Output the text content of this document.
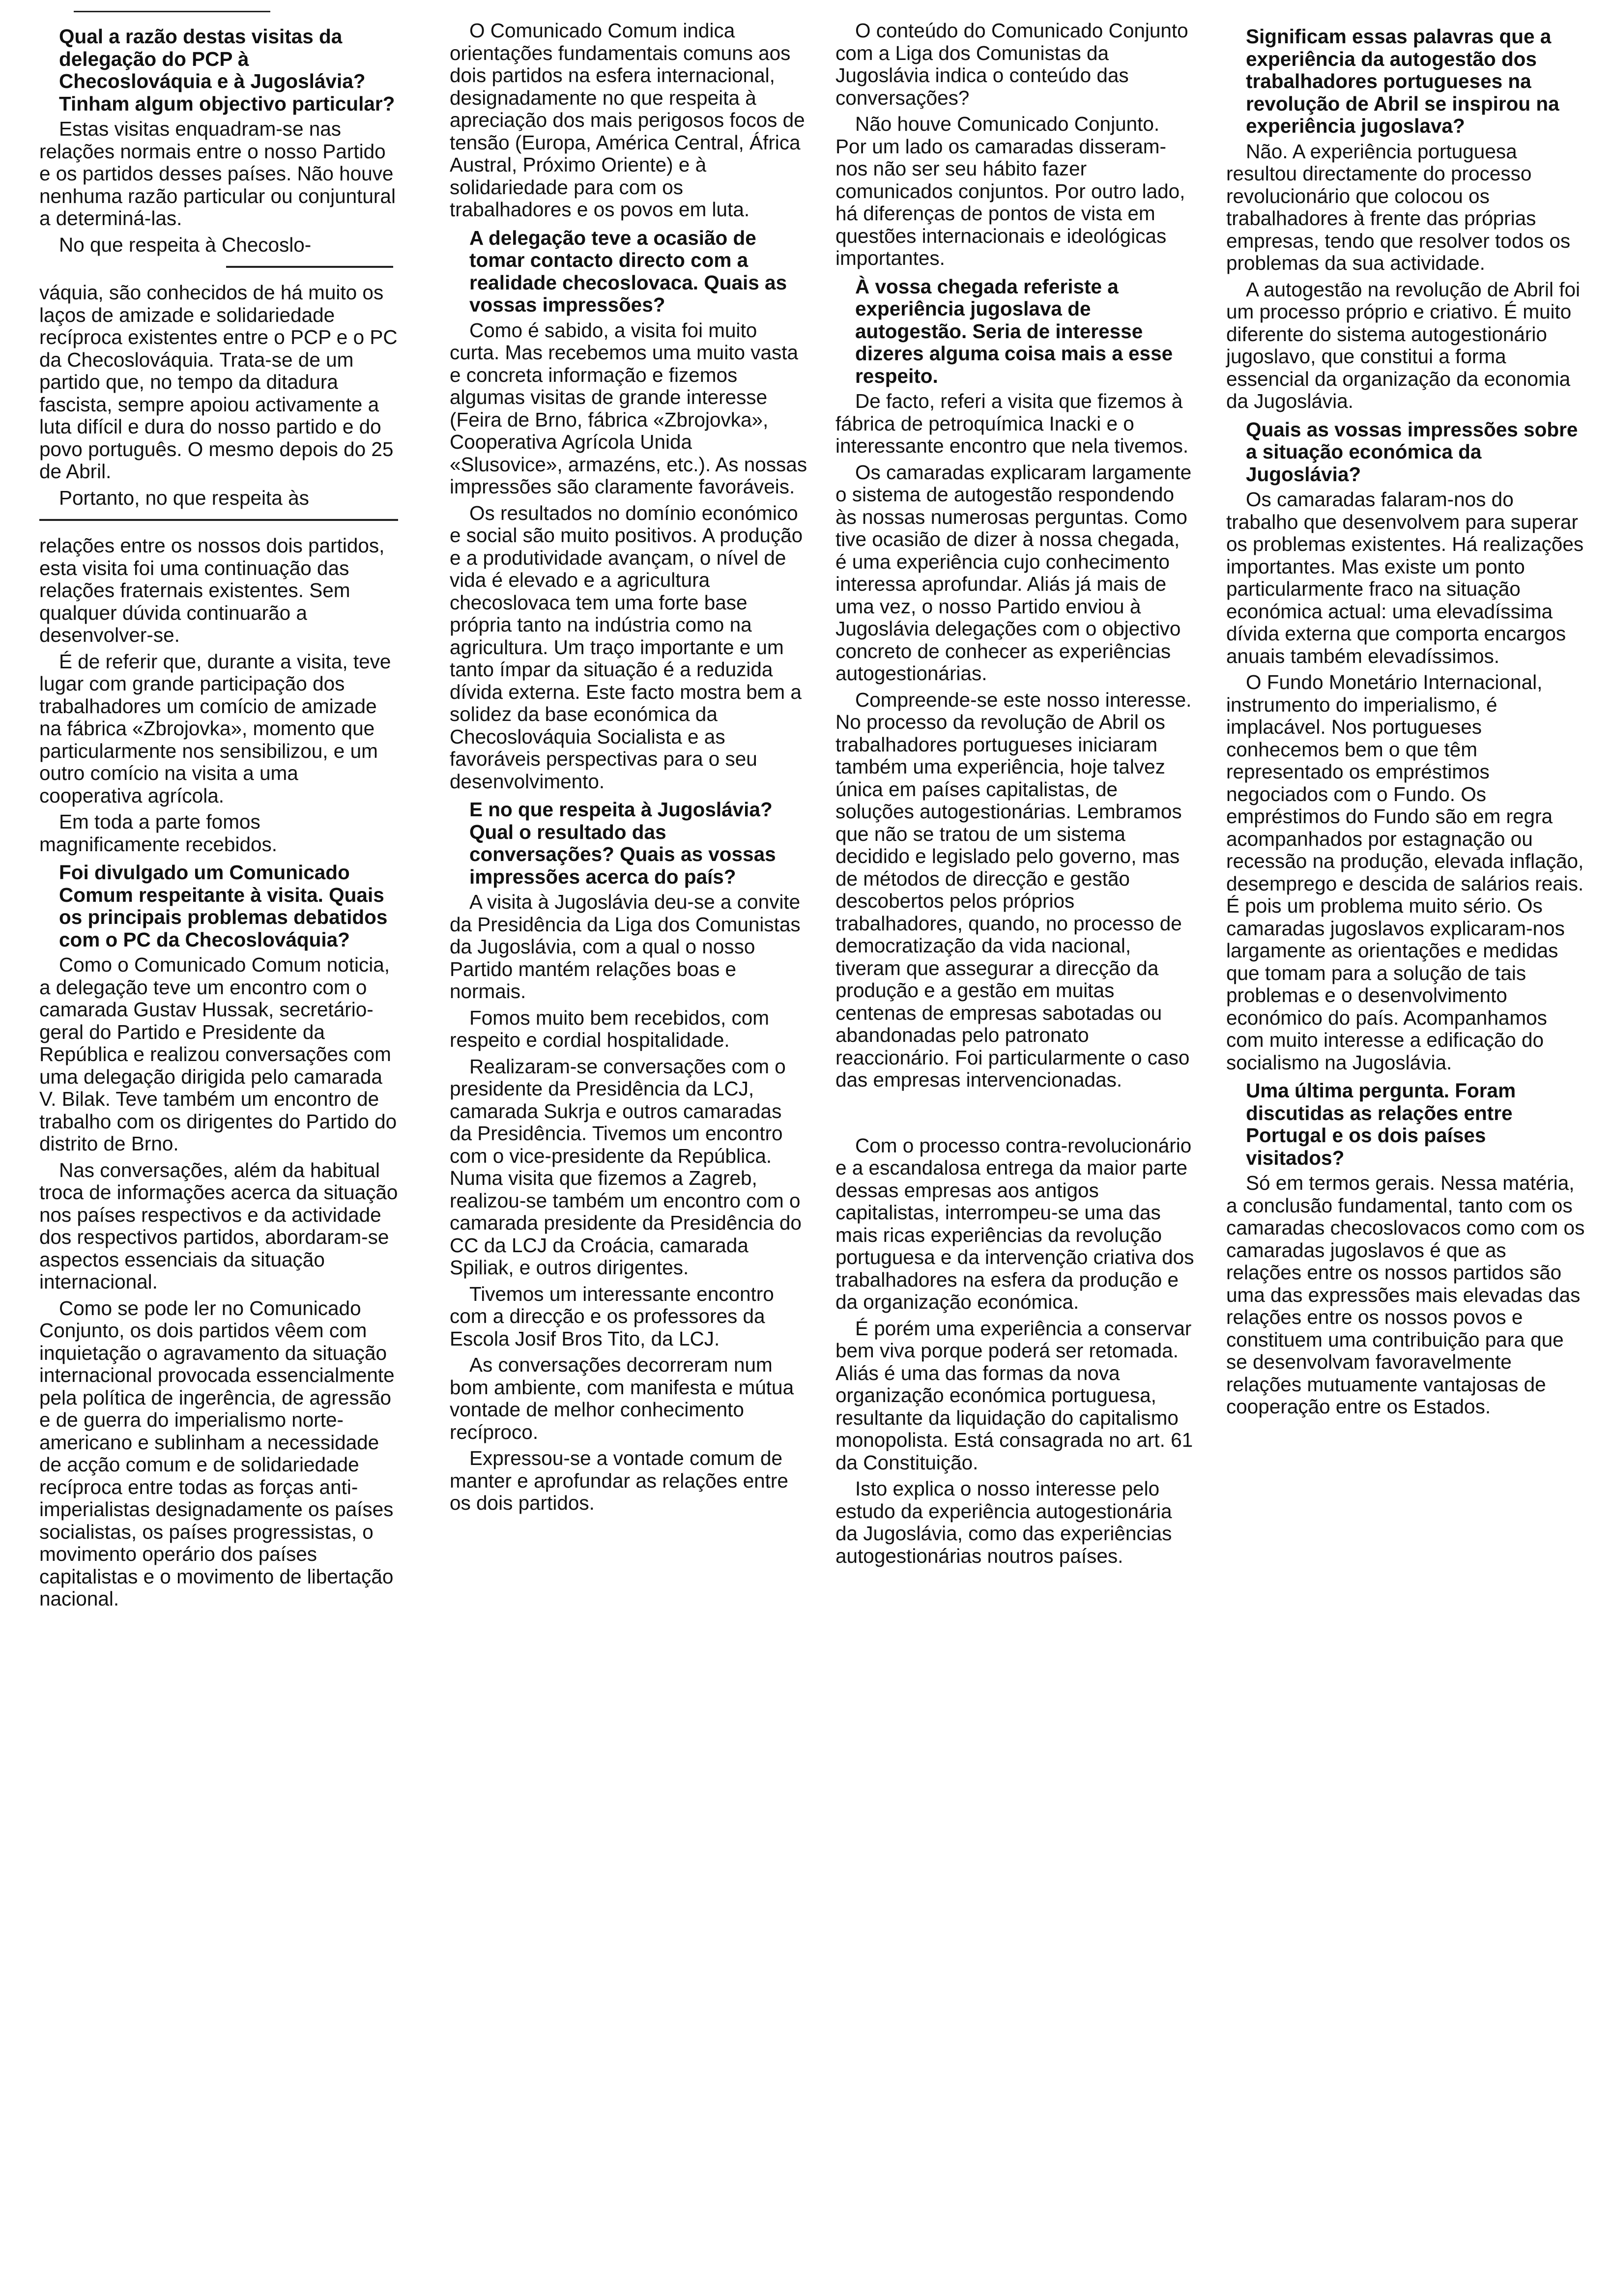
Qual a razão destas visitas da delegação do PCP à Checoslováquia e à Jugoslávia? Tinham algum objectivo particular?

Estas visitas enquadram-se nas relações normais entre o nosso Partido e os partidos desses países. Não houve nenhuma razão particular ou conjuntural a determiná-las.

No que respeita à Checoslo-

váquia, são conhecidos de há muito os laços de amizade e solidariedade recíproca existentes entre o PCP e o PC da Checoslováquia. Trata-se de um partido que, no tempo da ditadura fascista, sempre apoiou activamente a luta difícil e dura do nosso partido e do povo português. O mesmo depois do 25 de Abril.

Portanto, no que respeita às

relações entre os nossos dois partidos, esta visita foi uma continuação das relações fraternais existentes. Sem qualquer dúvida continuarão a desenvolver-se.

É de referir que, durante a visita, teve lugar com grande participação dos trabalhadores um comício de amizade na fábrica «Zbrojovka», momento que particularmente nos sensibilizou, e um outro comício na visita a uma cooperativa agrícola.

Em toda a parte fomos magnificamente recebidos.

Foi divulgado um Comunicado Comum respeitante à visita. Quais os principais problemas debatidos com o PC da Checoslováquia?

Como o Comunicado Comum noticia, a delegação teve um encontro com o camarada Gustav Hussak, secretário-geral do Partido e Presidente da República e realizou conversações com uma delegação dirigida pelo camarada V. Bilak. Teve também um encontro de trabalho com os dirigentes do Partido do distrito de Brno.

Nas conversações, além da habitual troca de informações acerca da situação nos países respectivos e da actividade dos respectivos partidos, abordaram-se aspectos essenciais da situação internacional.

Como se pode ler no Comunicado Conjunto, os dois partidos vêem com inquietação o agravamento da situação internacional provocada essencialmente pela política de ingerência, de agressão e de guerra do imperialismo norte-americano e sublinham a necessidade de acção comum e de solidariedade recíproca entre todas as forças anti-imperialistas designadamente os países socialistas, os países progressistas, o movimento operário dos países capitalistas e o movimento de libertação nacional.

O Comunicado Comum indica orientações fundamentais comuns aos dois partidos na esfera internacional, designadamente no que respeita à apreciação dos mais perigosos focos de tensão (Europa, América Central, África Austral, Próximo Oriente) e à solidariedade para com os trabalhadores e os povos em luta.

A delegação teve a ocasião de tomar contacto directo com a realidade checoslovaca. Quais as vossas impressões?

Como é sabido, a visita foi muito curta. Mas recebemos uma muito vasta e concreta informação e fizemos algumas visitas de grande interesse (Feira de Brno, fábrica «Zbrojovka», Cooperativa Agrícola Unida «Slusovice», armazéns, etc.). As nossas impressões são claramente favoráveis.

Os resultados no domínio económico e social são muito positivos. A produção e a produtividade avançam, o nível de vida é elevado e a agricultura checoslovaca tem uma forte base própria tanto na indústria como na agricultura. Um traço importante e um tanto ímpar da situação é a reduzida dívida externa. Este facto mostra bem a solidez da base económica da Checoslováquia Socialista e as favoráveis perspectivas para o seu desenvolvimento.

E no que respeita à Jugoslávia? Qual o resultado das conversações? Quais as vossas impressões acerca do país?

A visita à Jugoslávia deu-se a convite da Presidência da Liga dos Comunistas da Jugoslávia, com a qual o nosso Partido mantém relações boas e normais.

Fomos muito bem recebidos, com respeito e cordial hospitalidade.

Realizaram-se conversações com o presidente da Presidência da LCJ, camarada Sukrja e outros camaradas da Presidência. Tivemos um encontro com o vice-presidente da República. Numa visita que fizemos a Zagreb, realizou-se também um encontro com o camarada presidente da Presidência do CC da LCJ da Croácia, camarada Spiliak, e outros dirigentes.

Tivemos um interessante encontro com a direcção e os professores da Escola Josif Bros Tito, da LCJ.

As conversações decorreram num bom ambiente, com manifesta e mútua vontade de melhor conhecimento recíproco.

Expressou-se a vontade comum de manter e aprofundar as relações entre os dois partidos.

O conteúdo do Comunicado Conjunto com a Liga dos Comunistas da Jugoslávia indica o conteúdo das conversações?

Não houve Comunicado Conjunto. Por um lado os camaradas disseram-nos não ser seu hábito fazer comunicados conjuntos. Por outro lado, há diferenças de pontos de vista em questões internacionais e ideológicas importantes.

À vossa chegada referiste a experiência jugoslava de autogestão. Seria de interesse dizeres alguma coisa mais a esse respeito.

De facto, referi a visita que fizemos à fábrica de petroquímica Inacki e o interessante encontro que nela tivemos.

Os camaradas explicaram largamente o sistema de autogestão respondendo às nossas numerosas perguntas. Como tive ocasião de dizer à nossa chegada, é uma experiência cujo conhecimento interessa aprofundar. Aliás já mais de uma vez, o nosso Partido enviou à Jugoslávia delegações com o objectivo concreto de conhecer as experiências autogestionárias.

Compreende-se este nosso interesse. No processo da revolução de Abril os trabalhadores portugueses iniciaram também uma experiência, hoje talvez única em países capitalistas, de soluções autogestionárias. Lembramos que não se tratou de um sistema decidido e legislado pelo governo, mas de métodos de direcção e gestão descobertos pelos próprios trabalhadores, quando, no processo de democratização da vida nacional, tiveram que assegurar a direcção da produção e a gestão em muitas centenas de empresas sabotadas ou abandonadas pelo patronato reaccionário. Foi particularmente o caso das empresas intervencionadas.

Com o processo contra-revolucionário e a escandalosa entrega da maior parte dessas empresas aos antigos capitalistas, interrompeu-se uma das mais ricas experiências da revolução portuguesa e da intervenção criativa dos trabalhadores na esfera da produção e da organização económica.

É porém uma experiência a conservar bem viva porque poderá ser retomada. Aliás é uma das formas da nova organização económica portuguesa, resultante da liquidação do capitalismo monopolista. Está consagrada no art. 61 da Constituição.

Isto explica o nosso interesse pelo estudo da experiência autogestionária da Jugoslávia, como das experiências autogestionárias noutros países.

Significam essas palavras que a experiência da autogestão dos trabalhadores portugueses na revolução de Abril se inspirou na experiência jugoslava?

Não. A experiência portuguesa resultou directamente do processo revolucionário que colocou os trabalhadores à frente das próprias empresas, tendo que resolver todos os problemas da sua actividade.

A autogestão na revolução de Abril foi um processo próprio e criativo. É muito diferente do sistema autogestionário jugoslavo, que constitui a forma essencial da organização da economia da Jugoslávia.

Quais as vossas impressões sobre a situação económica da Jugoslávia?

Os camaradas falaram-nos do trabalho que desenvolvem para superar os problemas existentes. Há realizações importantes. Mas existe um ponto particularmente fraco na situação económica actual: uma elevadíssima dívida externa que comporta encargos anuais também elevadíssimos.

O Fundo Monetário Internacional, instrumento do imperialismo, é implacável. Nos portugueses conhecemos bem o que têm representado os empréstimos negociados com o Fundo. Os empréstimos do Fundo são em regra acompanhados por estagnação ou recessão na produção, elevada inflação, desemprego e descida de salários reais. É pois um problema muito sério. Os camaradas jugoslavos explicaram-nos largamente as orientações e medidas que tomam para a solução de tais problemas e o desenvolvimento económico do país. Acompanhamos com muito interesse a edificação do socialismo na Jugoslávia.

Uma última pergunta. Foram discutidas as relações entre Portugal e os dois países visitados?

Só em termos gerais. Nessa matéria, a conclusão fundamental, tanto com os camaradas checoslovacos como com os camaradas jugoslavos é que as relações entre os nossos partidos são uma das expressões mais elevadas das relações entre os nossos povos e constituem uma contribuição para que se desenvolvam favoravelmente relações mutuamente vantajosas de cooperação entre os Estados.
